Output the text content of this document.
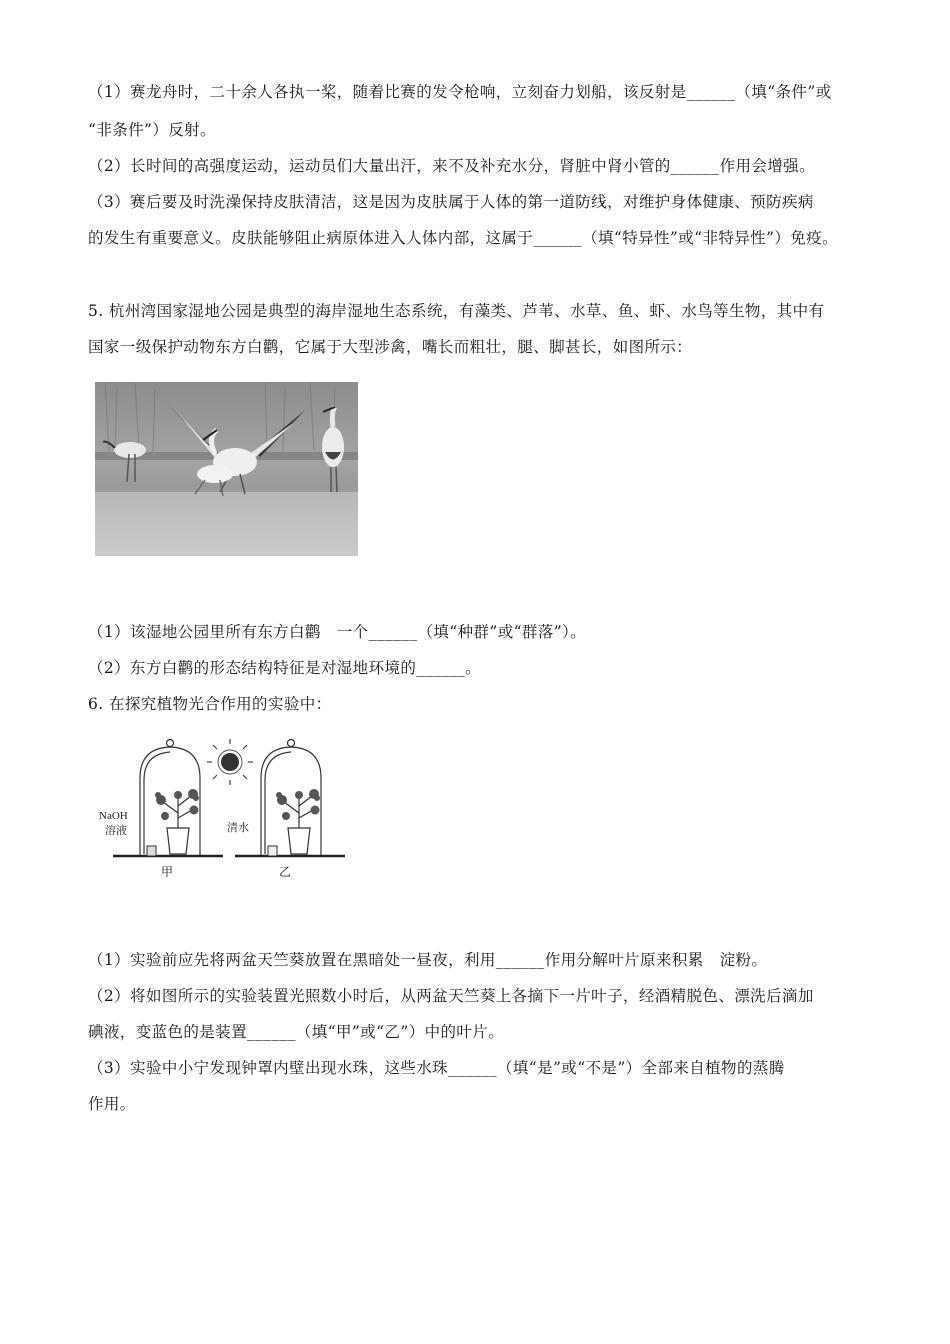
（1）赛龙舟时，二十余人各执一桨，随着比赛的发令枪响，立刻奋力划船，该反射是______（填“条件”或
“非条件”）反射。
（2）长时间的高强度运动，运动员们大量出汗，来不及补充水分，肾脏中肾小管的______作用会增强。
（3）赛后要及时洗澡保持皮肤清洁，这是因为皮肤属于人体的第一道防线，对维护身体健康、预防疾病
的发生有重要意义。皮肤能够阻止病原体进入人体内部，这属于______（填“特异性”或“非特异性”）免疫。
5. 杭州湾国家湿地公园是典型的海岸湿地生态系统，有藻类、芦苇、水草、鱼、虾、水鸟等生物，其中有
国家一级保护动物东方白鹳，它属于大型涉禽，嘴长而粗壮，腿、脚甚长，如图所示：
（1）该湿地公园里所有东方白鹳　一个______（填“种群”或“群落”）。
（2）东方白鹳的形态结构特征是对湿地环境的______。
6. 在探究植物光合作用的实验中：
NaOH
溶液	清水
甲	乙
（1）实验前应先将两盆天竺葵放置在黑暗处一昼夜，利用______作用分解叶片原来积累　淀粉。
（2）将如图所示的实验装置光照数小时后，从两盆天竺葵上各摘下一片叶子，经酒精脱色、漂洗后滴加
碘液，变蓝色的是装置______（填“甲”或“乙”）中的叶片。
（3）实验中小宁发现钟罩内壁出现水珠，这些水珠______（填“是”或“不是”）全部来自植物的蒸腾
作用。
